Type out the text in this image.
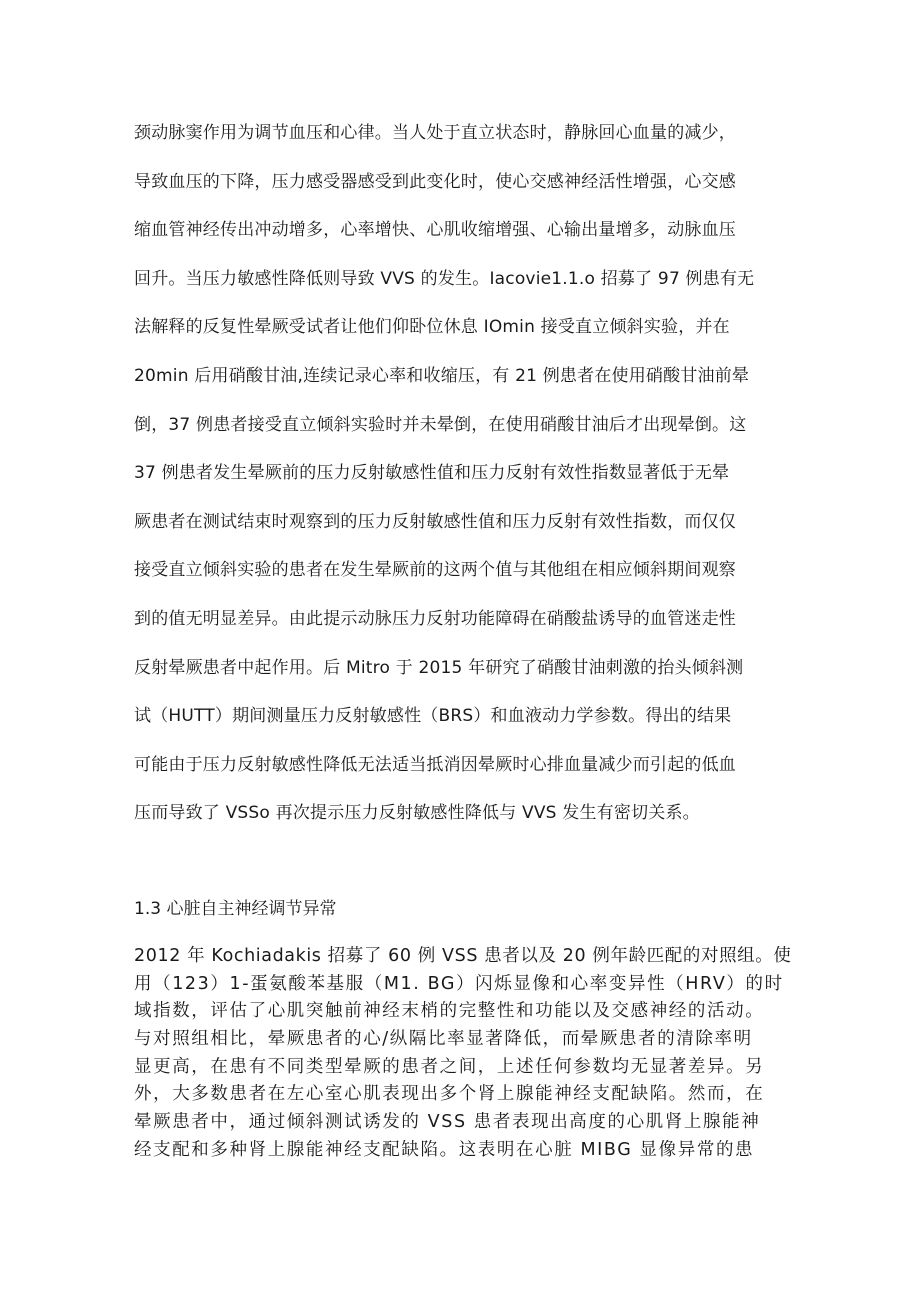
颈动脉窦作用为调节血压和心律。当人处于直立状态时，静脉回心血量的减少，
导致血压的下降，压力感受器感受到此变化时，使心交感神经活性增强，心交感
缩血管神经传出冲动增多，心率增快、心肌收缩增强、心输出量增多，动脉血压
回升。当压力敏感性降低则导致 VVS 的发生。Iacovie1.1.o 招募了 97 例患有无
法解释的反复性晕厥受试者让他们仰卧位休息 IOmin 接受直立倾斜实验，并在
20min 后用硝酸甘油,连续记录心率和收缩压，有 21 例患者在使用硝酸甘油前晕
倒，37 例患者接受直立倾斜实验时并未晕倒，在使用硝酸甘油后才出现晕倒。这
37 例患者发生晕厥前的压力反射敏感性值和压力反射有效性指数显著低于无晕
厥患者在测试结束时观察到的压力反射敏感性值和压力反射有效性指数，而仅仅
接受直立倾斜实验的患者在发生晕厥前的这两个值与其他组在相应倾斜期间观察
到的值无明显差异。由此提示动脉压力反射功能障碍在硝酸盐诱导的血管迷走性
反射晕厥患者中起作用。后 Mitro 于 2015 年研究了硝酸甘油刺激的抬头倾斜测
试（HUTT）期间测量压力反射敏感性（BRS）和血液动力学参数。得出的结果
可能由于压力反射敏感性降低无法适当抵消因晕厥时心排血量减少而引起的低血
压而导致了 VSSo 再次提示压力反射敏感性降低与 VVS 发生有密切关系。
1.3 心脏自主神经调节异常
2012 年 Kochiadakis 招募了 60 例 VSS 患者以及 20 例年龄匹配的对照组。使
用（123）1-蛋氨酸苯基服（M1. BG）闪烁显像和心率变异性（HRV）的时
域指数，评估了心肌突触前神经末梢的完整性和功能以及交感神经的活动。
与对照组相比，晕厥患者的心/纵隔比率显著降低，而晕厥患者的清除率明
显更高，在患有不同类型晕厥的患者之间，上述任何参数均无显著差异。另
外，大多数患者在左心室心肌表现出多个肾上腺能神经支配缺陷。然而，在
晕厥患者中，通过倾斜测试诱发的 VSS 患者表现出高度的心肌肾上腺能神
经支配和多种肾上腺能神经支配缺陷。这表明在心脏 MIBG 显像异常的患
